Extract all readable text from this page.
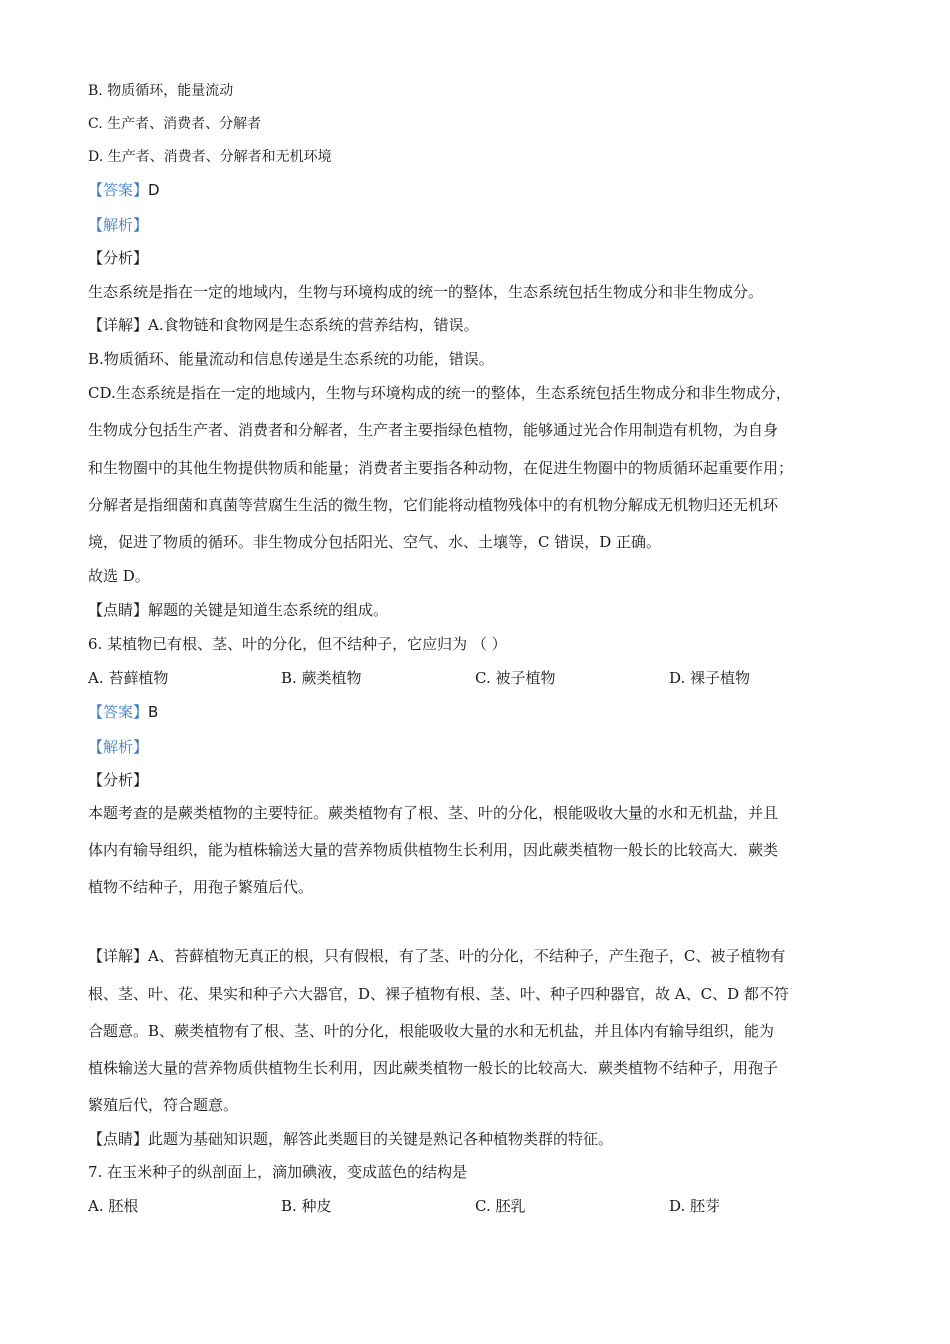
B. 物质循环，能量流动
C. 生产者、消费者、分解者
D. 生产者、消费者、分解者和无机环境
【答案】D
【解析】
【分析】
生态系统是指在一定的地域内，生物与环境构成的统一的整体，生态系统包括生物成分和非生物成分。
【详解】A.食物链和食物网是生态系统的营养结构，错误。
B.物质循环、能量流动和信息传递是生态系统的功能，错误。
CD.生态系统是指在一定的地域内，生物与环境构成的统一的整体，生态系统包括生物成分和非生物成分，
生物成分包括生产者、消费者和分解者，生产者主要指绿色植物，能够通过光合作用制造有机物，为自身
和生物圈中的其他生物提供物质和能量；消费者主要指各种动物，在促进生物圈中的物质循环起重要作用；
分解者是指细菌和真菌等营腐生生活的微生物，它们能将动植物残体中的有机物分解成无机物归还无机环
境，促进了物质的循环。非生物成分包括阳光、空气、水、土壤等，C 错误，D 正确。
故选 D。
【点睛】解题的关键是知道生态系统的组成。
6. 某植物已有根、茎、叶的分化，但不结种子，它应归为 （ ）
A. 苔藓植物	B. 蕨类植物	C. 被子植物	D. 裸子植物
【答案】B
【解析】
【分析】
本题考查的是蕨类植物的主要特征。蕨类植物有了根、茎、叶的分化，根能吸收大量的水和无机盐，并且
体内有输导组织，能为植株输送大量的营养物质供植物生长利用，因此蕨类植物一般长的比较高大．蕨类
植物不结种子，用孢子繁殖后代。
【详解】A、苔藓植物无真正的根，只有假根，有了茎、叶的分化，不结种子，产生孢子，C、被子植物有
根、茎、叶、花、果实和种子六大器官，D、裸子植物有根、茎、叶、种子四种器官，故 A、C、D 都不符
合题意。B、蕨类植物有了根、茎、叶的分化，根能吸收大量的水和无机盐，并且体内有输导组织，能为
植株输送大量的营养物质供植物生长利用，因此蕨类植物一般长的比较高大．蕨类植物不结种子，用孢子
繁殖后代，符合题意。
【点睛】此题为基础知识题，解答此类题目的关键是熟记各种植物类群的特征。
7. 在玉米种子的纵剖面上，滴加碘液，变成蓝色的结构是
A. 胚根	B. 种皮	C. 胚乳	D. 胚芽
